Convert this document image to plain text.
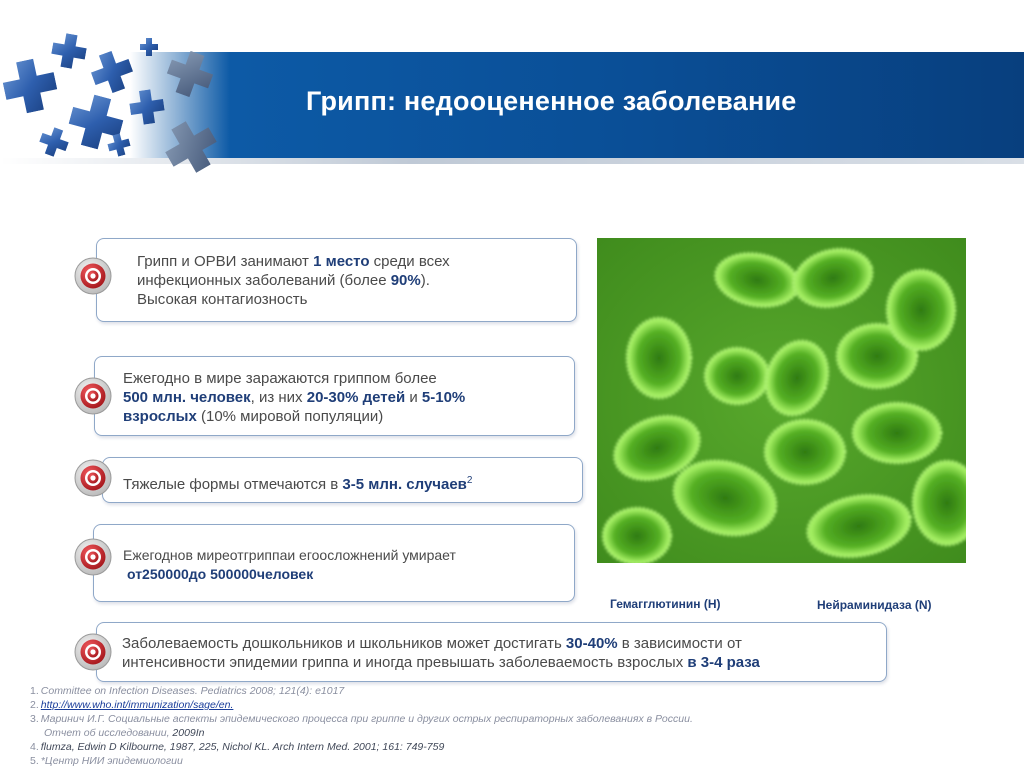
Грипп: недооцененное заболевание
Грипп и ОРВИ занимают 1 место среди всех
инфекционных заболеваний (более 90%).
Высокая контагиозность
Ежегодно в мире заражаются гриппом более
500 млн. человек, из них 20-30% детей и 5-10%
взрослых (10% мировой популяции)
Тяжелые формы отмечаются в 3-5 млн. случаев$^2$
Ежегоднов миреотгриппаи егоосложнений умирает
от250000до 500000человек
Заболеваемость дошкольников и школьников может достигать 30-40% в зависимости от
интенсивности эпидемии гриппа и иногда превышать заболеваемость взрослых в 3-4 раза
Гемагглютинин (H)	Нейраминидаза (N)
1. Committee on Infection Diseases. Pediatrics 2008; 121(4): e1017
2. http://www.who.int/immunization/sage/en.
3. Маринич И.Г. Социальные аспекты эпидемического процесса при гриппе и других острых респираторных заболеваниях в России.
Отчет об исследовании, 2009In
4. flumza, Edwin D Kilbourne, 1987, 225, Nichol KL. Arch Intern Med. 2001; 161: 749-759
5. *Центр НИИ эпидемиологии
